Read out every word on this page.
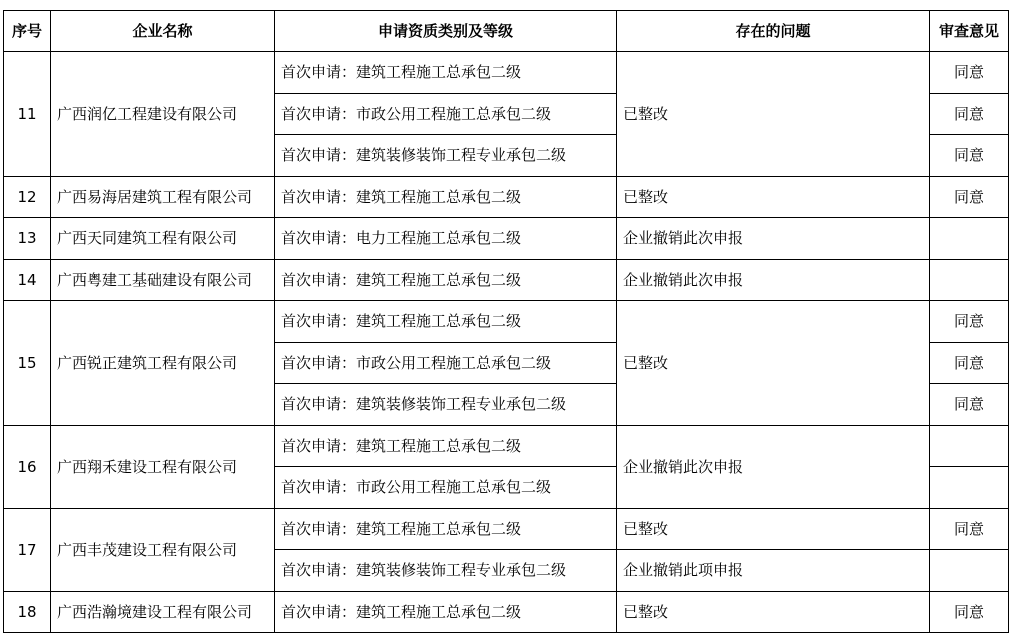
序号	企业名称	申请资质类别及等级	存在的问题	审查意见
11	广西润亿工程建设有限公司	首次申请：建筑工程施工总承包二级	已整改	同意
		首次申请：市政公用工程施工总承包二级		同意
		首次申请：建筑装修装饰工程专业承包二级		同意
12	广西易海居建筑工程有限公司	首次申请：建筑工程施工总承包二级	已整改	同意
13	广西天同建筑工程有限公司	首次申请：电力工程施工总承包二级	企业撤销此次申报	
14	广西粤建工基础建设有限公司	首次申请：建筑工程施工总承包二级	企业撤销此次申报	
15	广西锐正建筑工程有限公司	首次申请：建筑工程施工总承包二级	已整改	同意
		首次申请：市政公用工程施工总承包二级		同意
		首次申请：建筑装修装饰工程专业承包二级		同意
16	广西翔禾建设工程有限公司	首次申请：建筑工程施工总承包二级	企业撤销此次申报	
		首次申请：市政公用工程施工总承包二级		
17	广西丰茂建设工程有限公司	首次申请：建筑工程施工总承包二级	已整改	同意
		首次申请：建筑装修装饰工程专业承包二级	企业撤销此项申报	
18	广西浩瀚境建设工程有限公司	首次申请：建筑工程施工总承包二级	已整改	同意
